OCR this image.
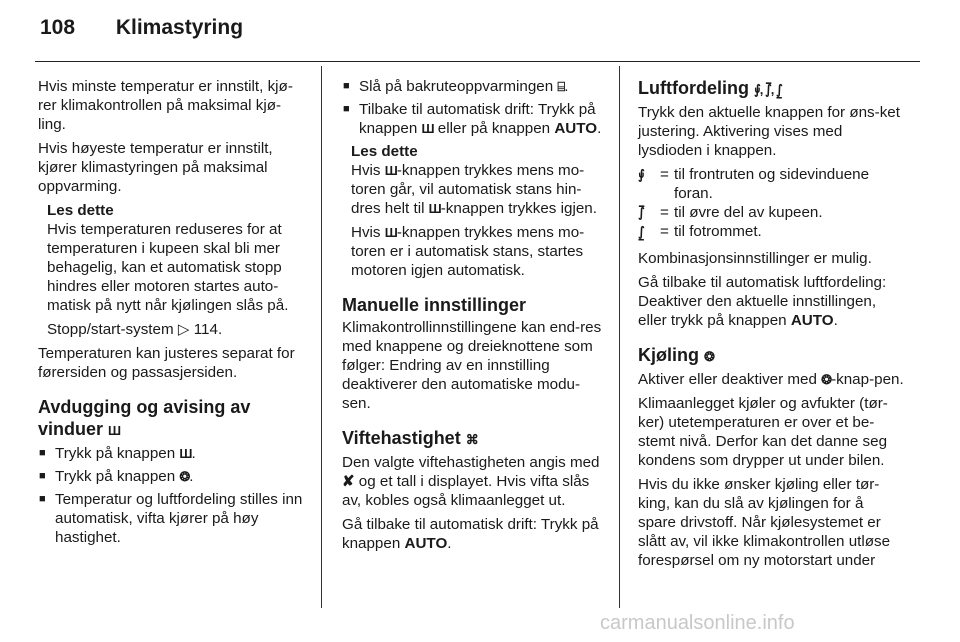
108 Klimastyring

Hvis minste temperatur er innstilt, kjø-rer klimakontrollen på maksimal kjø-ling.

Hvis høyeste temperatur er innstilt, kjører klimastyringen på maksimal oppvarming.

Les dette

Hvis temperaturen reduseres for at temperaturen i kupeen skal bli mer behagelig, kan et automatisk stopp hindres eller motoren startes auto-matisk på nytt når kjølingen slås på.

Stopp/start-system ▷ 114.

Temperaturen kan justeres separat for førersiden og passasjersiden.

Avdugging og avising av vinduer Ш
■ Trykk på knappen Ш.
■ Trykk på knappen ❂.
■ Temperatur og luftfordeling stilles inn automatisk, vifta kjører på høy hastighet.
■ Slå på bakruteoppvarmingen ⌸.
■ Tilbake til automatisk drift: Trykk på knappen Ш eller på knappen AUTO.

Les dette

Hvis Ш-knappen trykkes mens mo-toren går, vil automatisk stans hin-dres helt til Ш-knappen trykkes igjen.

Hvis Ш-knappen trykkes mens mo-toren er i automatisk stans, startes motoren igjen automatisk.

Manuelle innstillinger

Klimakontrollinnstillingene kan end-res med knappene og dreieknottene som følger: Endring av en innstilling deaktiverer den automatiske modu-sen.

Viftehastighet ⌘

Den valgte viftehastigheten angis med ✘ og et tall i displayet. Hvis vifta slås av, kobles også klimaanlegget ut.

Gå tilbake til automatisk drift: Trykk på knappen AUTO.

Luftfordeling ⨚, ⨛, ⨜

Trykk den aktuelle knappen for øns-ket justering. Aktivering vises med lysdioden i knappen.

⨚	= til frontruten og sidevinduene foran.
⨛	= til øvre del av kupeen.
⨜	= til fotrommet.

Kombinasjonsinnstillinger er mulig.

Gå tilbake til automatisk luftfordeling: Deaktiver den aktuelle innstillingen, eller trykk på knappen AUTO.

Kjøling ❂

Aktiver eller deaktiver med ❂-knap-pen.

Klimaanlegget kjøler og avfukter (tør-ker) utetemperaturen er over et be-stemt nivå. Derfor kan det danne seg kondens som drypper ut under bilen.

Hvis du ikke ønsker kjøling eller tør-king, kan du slå av kjølingen for å spare drivstoff. Når kjølesystemet er slått av, vil ikke klimakontrollen utløse forespørsel om ny motorstart under

carmanualsonline.info
